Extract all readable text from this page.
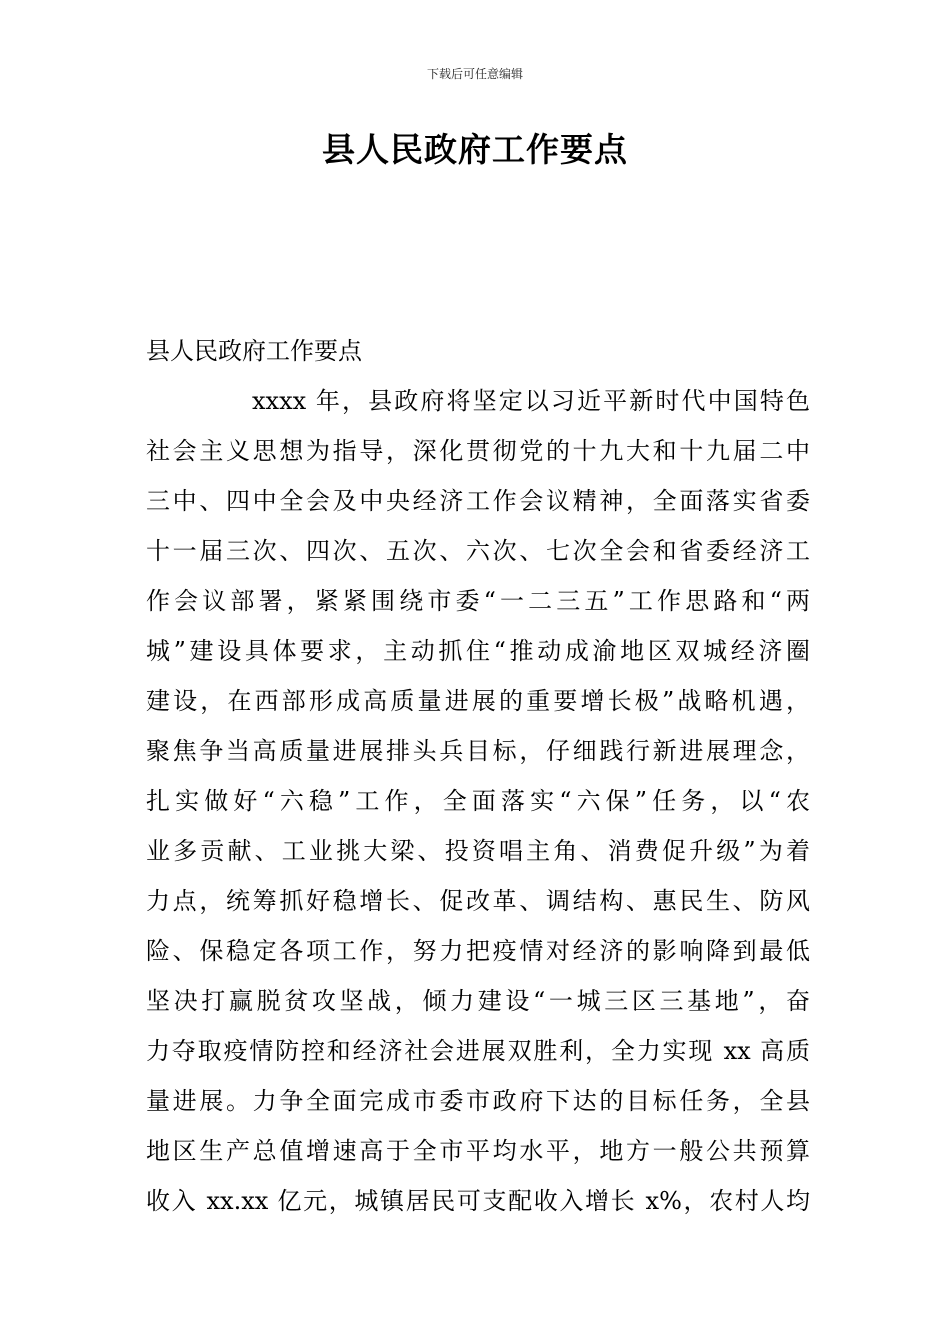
下载后可任意编辑
县人民政府工作要点
县人民政府工作要点
xxxx 年，县政府将坚定以习近平新时代中国特色
社会主义思想为指导，深化贯彻党的十九大和十九届二中
三中、四中全会及中央经济工作会议精神，全面落实省委
十一届三次、四次、五次、六次、七次全会和省委经济工
作会议部署，紧紧围绕市委“一二三五”工作思路和“两
城”建设具体要求，主动抓住“推动成渝地区双城经济圈
建设，在西部形成高质量进展的重要增长极”战略机遇，
聚焦争当高质量进展排头兵目标，仔细践行新进展理念，
扎实做好“六稳”工作，全面落实“六保”任务，以“农
业多贡献、工业挑大梁、投资唱主角、消费促升级”为着
力点，统筹抓好稳增长、促改革、调结构、惠民生、防风
险、保稳定各项工作，努力把疫情对经济的影响降到最低
坚决打赢脱贫攻坚战，倾力建设“一城三区三基地”，奋
力夺取疫情防控和经济社会进展双胜利，全力实现 xx 高质
量进展。力争全面完成市委市政府下达的目标任务，全县
地区生产总值增速高于全市平均水平，地方一般公共预算
收入 xx.xx 亿元，城镇居民可支配收入增长 x%，农村人均
